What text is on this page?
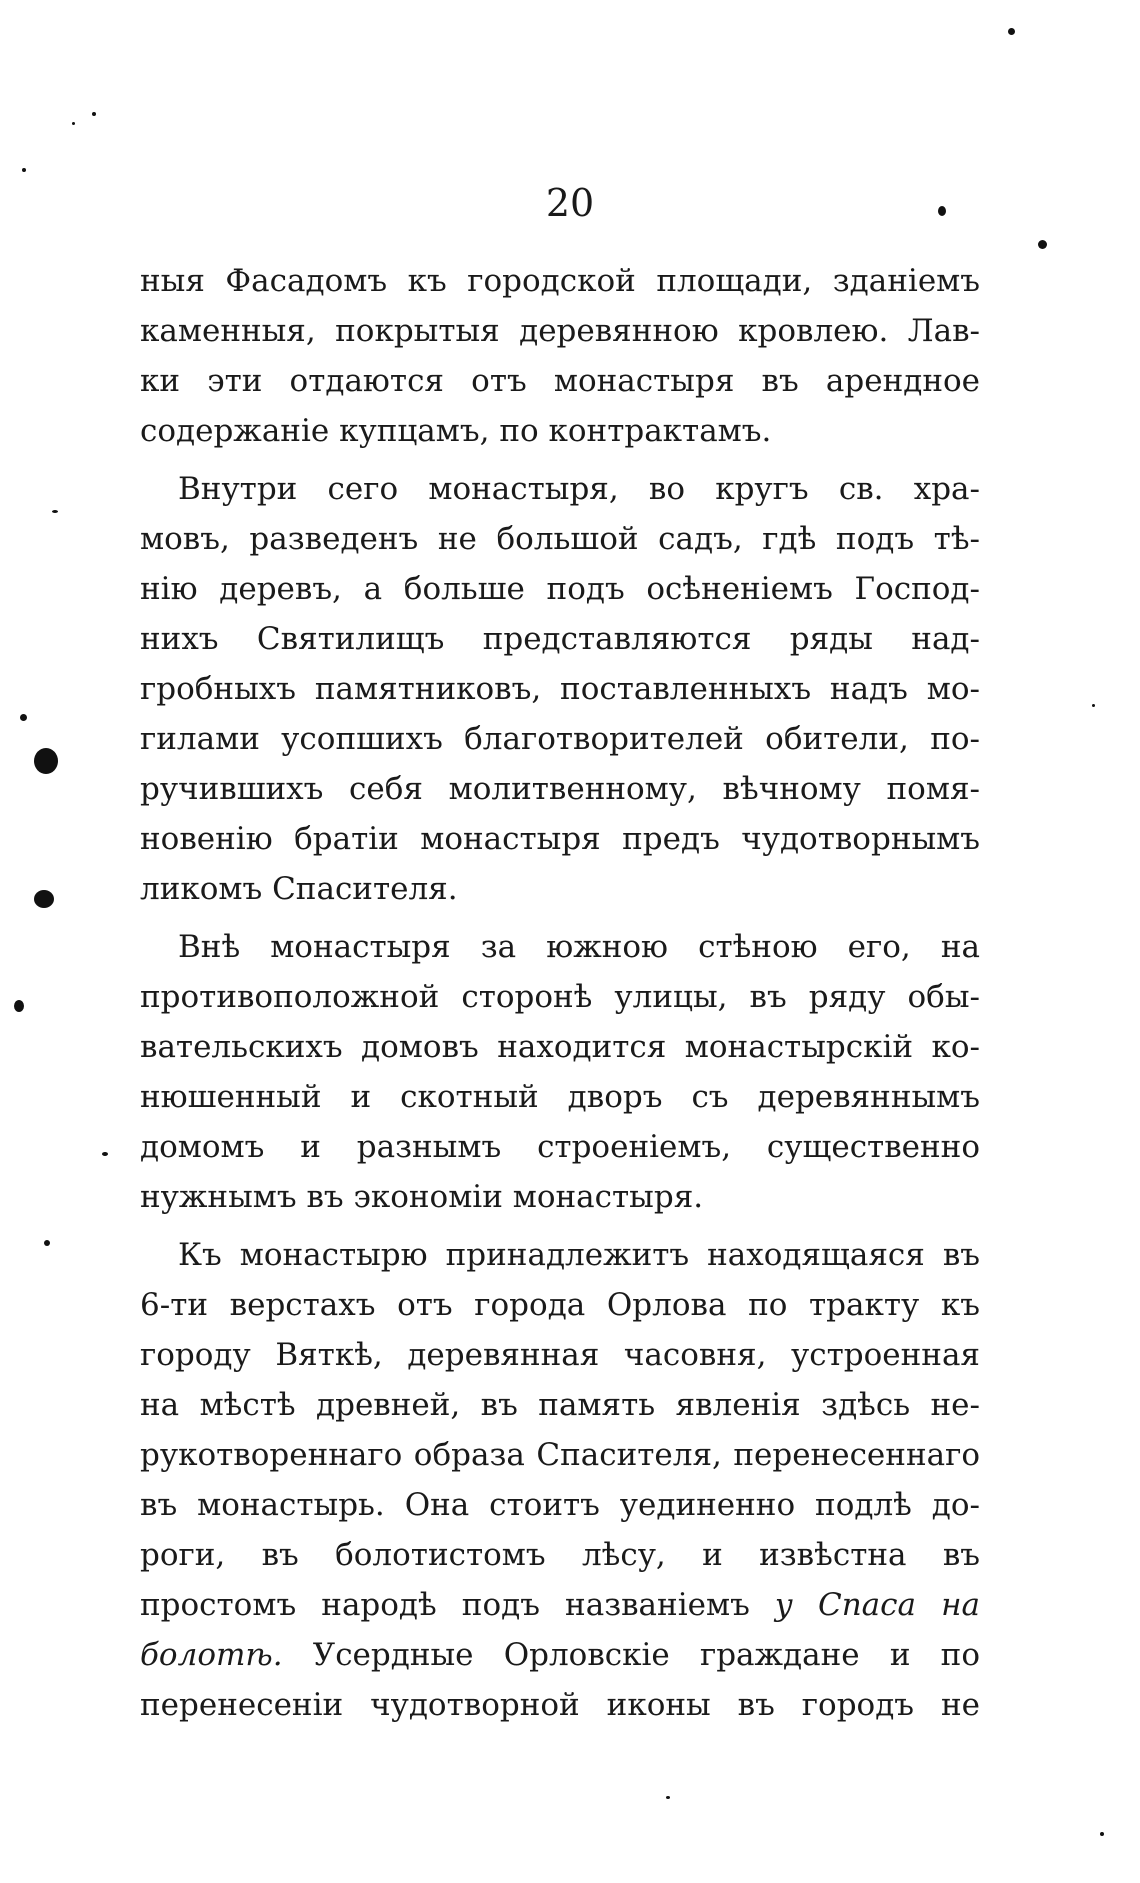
20
ныя Фасадомъ къ городской площади, зданiемъ
каменныя, покрытыя деревянною кровлею. Лав-
ки эти отдаются отъ монастыря въ арендное
содержанiе купцамъ, по контрактамъ.
Внутри сего монастыря, во кругъ св. хра-
мовъ, разведенъ не большой садъ, гдѣ подъ тѣ-
нiю деревъ, а больше подъ осѣненiемъ Господ-
нихъ Святилищъ представляются ряды над-
гробныхъ памятниковъ, поставленныхъ надъ мо-
гилами усопшихъ благотворителей обители, по-
ручившихъ себя молитвенному, вѣчному помя-
новенiю братiи монастыря предъ чудотворнымъ
ликомъ Спасителя.
Внѣ монастыря за южною стѣною его, на
противоположной сторонѣ улицы, въ ряду обы-
вательскихъ домовъ находится монастырскiй ко-
нюшенный и скотный дворъ съ деревяннымъ
домомъ и разнымъ строенiемъ, существенно
нужнымъ въ экономiи монастыря.
Къ монастырю принадлежитъ находящаяся въ
6-ти верстахъ отъ города Орлова по тракту къ
городу Вяткѣ, деревянная часовня, устроенная
на мѣстѣ древней, въ память явленiя здѣсь не-
рукотвореннаго образа Спасителя, перенесеннаго
въ монастырь. Она стоитъ уединенно подлѣ до-
роги, въ болотистомъ лѣсу, и извѣстна въ
простомъ народѣ подъ названiемъ у Спаса на
болотѣ. Усердные Орловскiе граждане и по
перенесенiи чудотворной иконы въ городъ не
